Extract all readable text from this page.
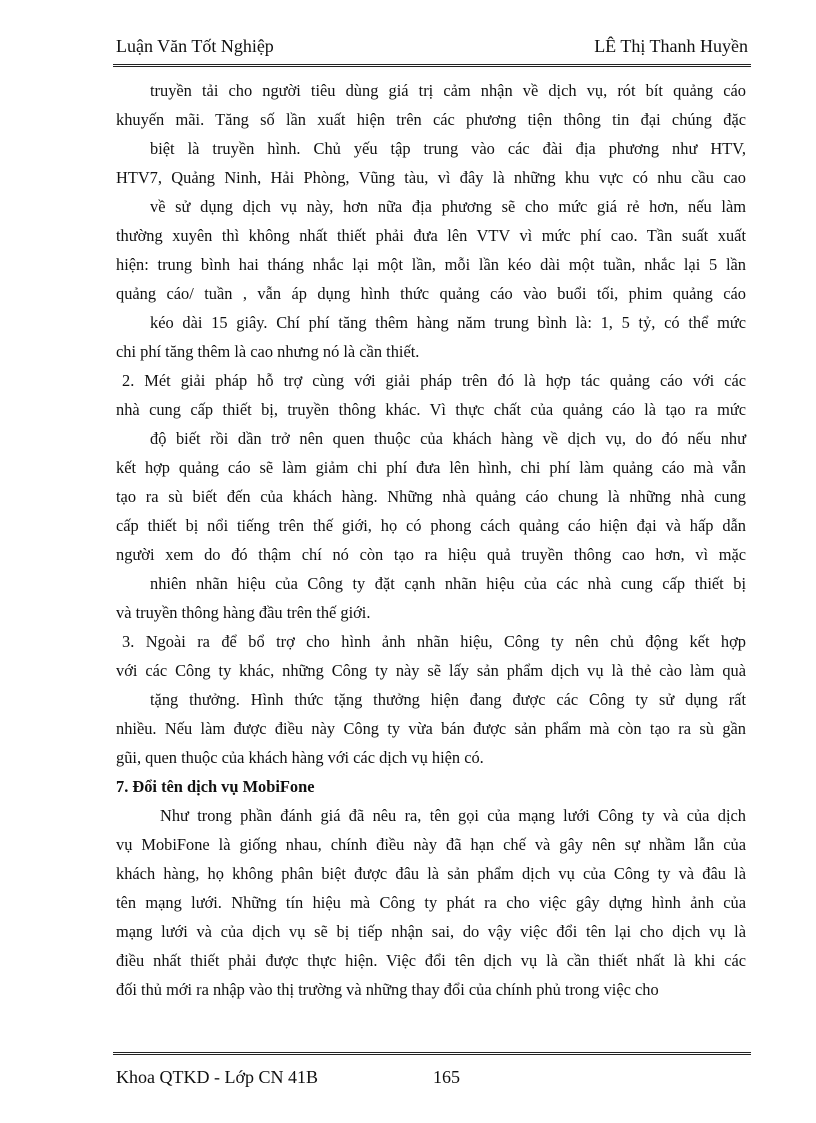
Luận Văn Tốt Nghiệp	LÊ Thị Thanh Huyền
truyền tải cho người tiêu dùng giá trị cảm nhận về dịch vụ, rót bít quảng cáo
khuyến mãi. Tăng số lần xuất hiện trên các phương tiện thông tin đại chúng đặc
biệt là truyền hình. Chủ yếu tập trung vào các đài địa phương như HTV,
HTV7, Quảng Ninh, Hải Phòng, Vũng tàu, vì đây là những khu vực có nhu cầu cao
về sử dụng dịch vụ này, hơn nữa địa phương sẽ cho mức giá rẻ hơn, nếu làm
thường xuyên thì không nhất thiết phải đưa lên VTV vì mức phí cao. Tần suất xuất
hiện: trung bình hai tháng nhắc lại một lần, mỗi lần kéo dài một tuần, nhắc lại 5 lần
quảng cáo/ tuần , vẫn áp dụng hình thức quảng cáo vào buổi tối, phim quảng cáo
kéo dài 15 giây. Chí phí tăng thêm hàng năm trung bình là: 1, 5 tỷ, có thể mức
chi phí tăng thêm là cao nhưng nó là cần thiết.
2. Mét giải pháp hỗ trợ cùng với giải pháp trên đó là hợp tác quảng cáo với các
nhà cung cấp thiết bị, truyền thông khác. Vì thực chất của quảng cáo là tạo ra mức
độ biết rồi dần trở nên quen thuộc của khách hàng về dịch vụ, do đó nếu như
kết hợp quảng cáo sẽ làm giảm chi phí đưa lên hình, chi phí làm quảng cáo mà vẫn
tạo ra sù biết đến của khách hàng. Những nhà quảng cáo chung là những nhà cung
cấp thiết bị nổi tiếng trên thế giới, họ có phong cách quảng cáo hiện đại và hấp dẫn
người xem do đó thậm chí nó còn tạo ra hiệu quả truyền thông cao hơn, vì mặc
nhiên nhãn hiệu của Công ty đặt cạnh nhãn hiệu của các nhà cung cấp thiết bị
và truyền thông hàng đầu trên thế giới.
3. Ngoài ra để bổ trợ cho hình ảnh nhãn hiệu, Công ty nên chủ động kết hợp
với các Công ty khác, những Công ty này sẽ lấy sản phẩm dịch vụ là thẻ cào làm quà
tặng thưởng. Hình thức tặng thưởng hiện đang được các Công ty sử dụng rất
nhiều. Nếu làm được điều này Công ty vừa bán được sản phẩm mà còn tạo ra sù gần
gũi, quen thuộc của khách hàng với các dịch vụ hiện có.
7. Đổi tên dịch vụ MobiFone
Như trong phần đánh giá đã nêu ra, tên gọi của mạng lưới Công ty và của dịch
vụ MobiFone là giống nhau, chính điều này đã hạn chế và gây nên sự nhầm lẫn của
khách hàng, họ không phân biệt được đâu là sản phẩm dịch vụ của Công ty và đâu là
tên mạng lưới. Những tín hiệu mà Công ty phát ra cho việc gây dựng hình ảnh của
mạng lưới và của dịch vụ sẽ bị tiếp nhận sai, do vậy việc đổi tên lại cho dịch vụ là
điều nhất thiết phải được thực hiện. Việc đổi tên dịch vụ là cần thiết nhất là khi các
đối thủ mới ra nhập vào thị trường và những thay đổi của chính phủ trong việc cho
Khoa QTKD - Lớp CN 41B	165
